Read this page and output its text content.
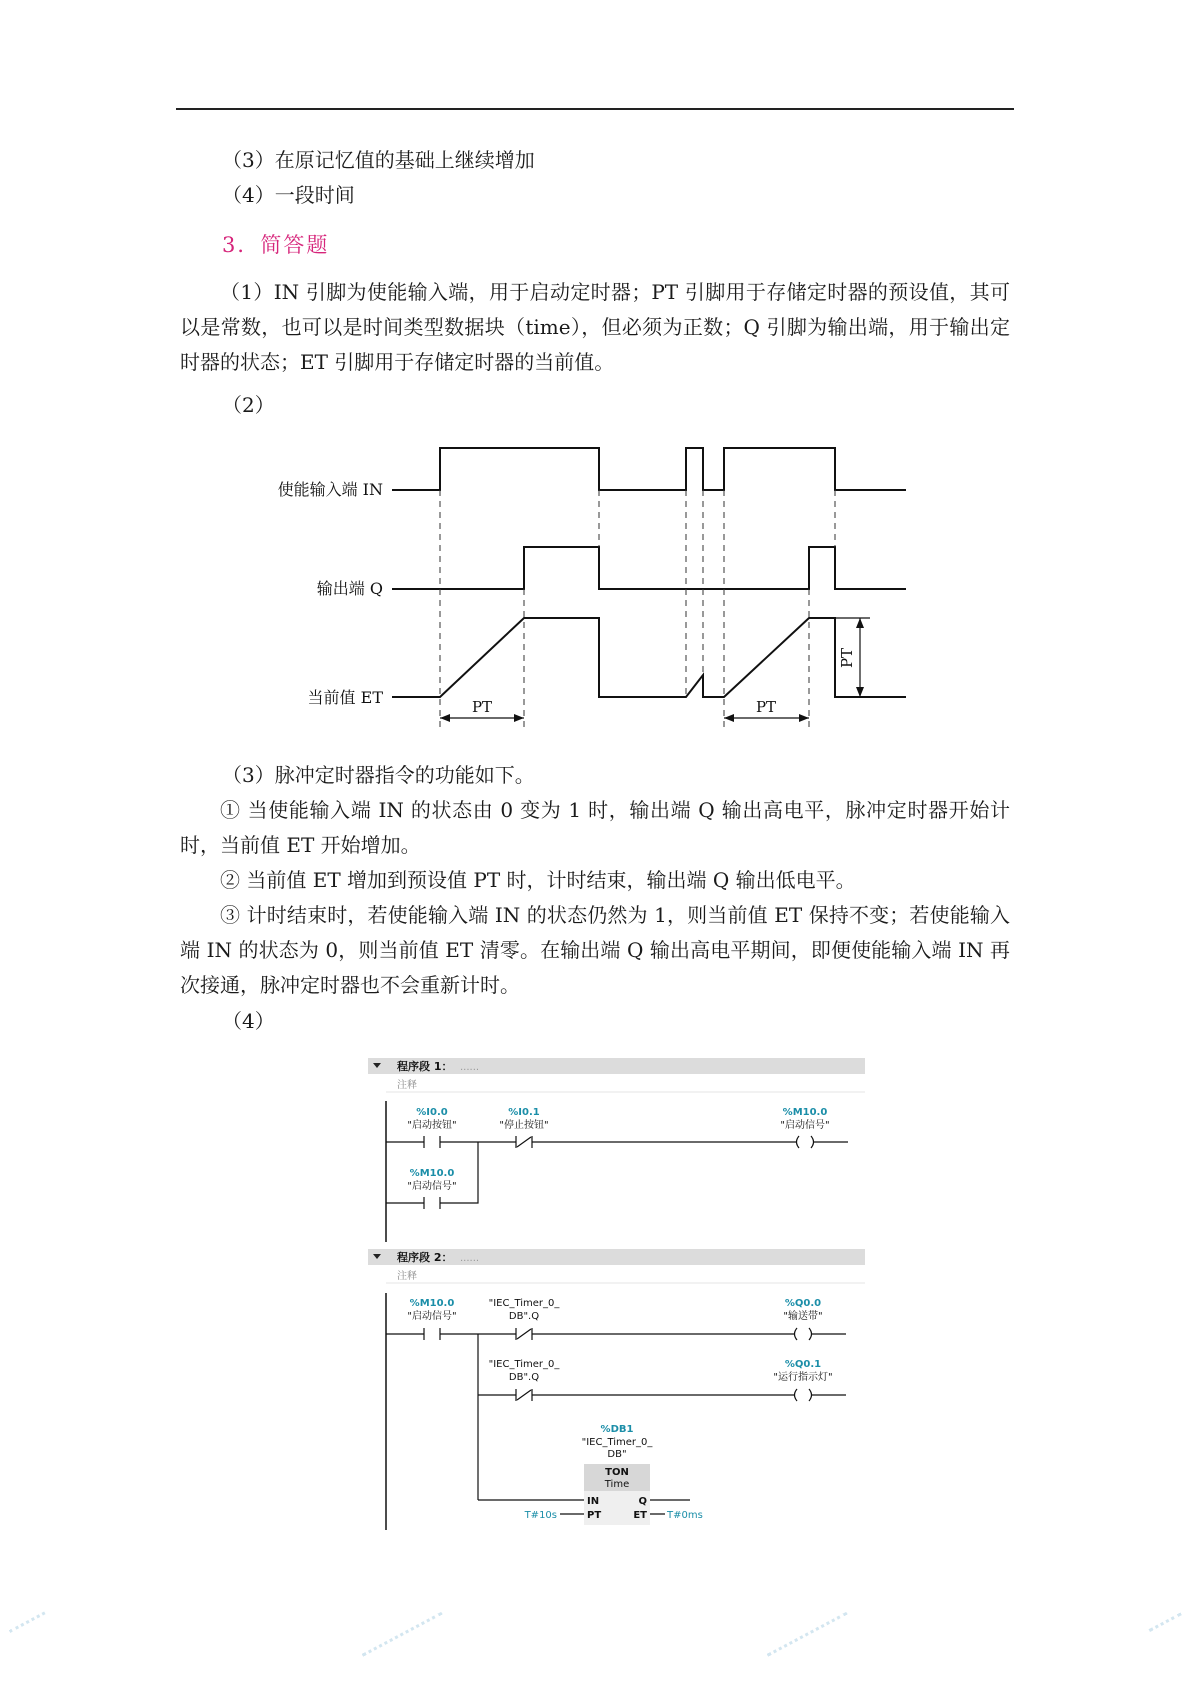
（3）在原记忆值的基础上继续增加
（4）一段时间
3．简答题
（1）IN 引脚为使能输入端，用于启动定时器；PT 引脚用于存储定时器的预设值，其可以是常数，也可以是时间类型数据块（time），但必须为正数；Q 引脚为输出端，用于输出定时器的状态；ET 引脚用于存储定时器的当前值。
（2）
使能输入端 IN
输出端 Q
当前值 ET	PT	PT
PT
（3）脉冲定时器指令的功能如下。
① 当使能输入端 IN 的状态由 0 变为 1 时，输出端 Q 输出高电平，脉冲定时器开始计时，当前值 ET 开始增加。
② 当前值 ET 增加到预设值 PT 时，计时结束，输出端 Q 输出低电平。
③ 计时结束时，若使能输入端 IN 的状态仍然为 1，则当前值 ET 保持不变；若使能输入端 IN 的状态为 0，则当前值 ET 清零。在输出端 Q 输出高电平期间，即便使能输入端 IN 再次接通，脉冲定时器也不会重新计时。
（4）
程序段 1： ......
注释
%I0.0
"启动按钮"
%I0.1
"停止按钮"
%M10.0
"启动信号"
%M10.0
"启动信号"
程序段 2： ......
注释
%M10.0
"启动信号"
"IEC_Timer_0_
DB".Q
%Q0.0
"输送带"
"IEC_Timer_0_
DB".Q
%Q0.1
"运行指示灯"
%DB1
"IEC_Timer_0_
DB"
TON
Time
IN
PT
Q
ET
T#10s	T#0ms
